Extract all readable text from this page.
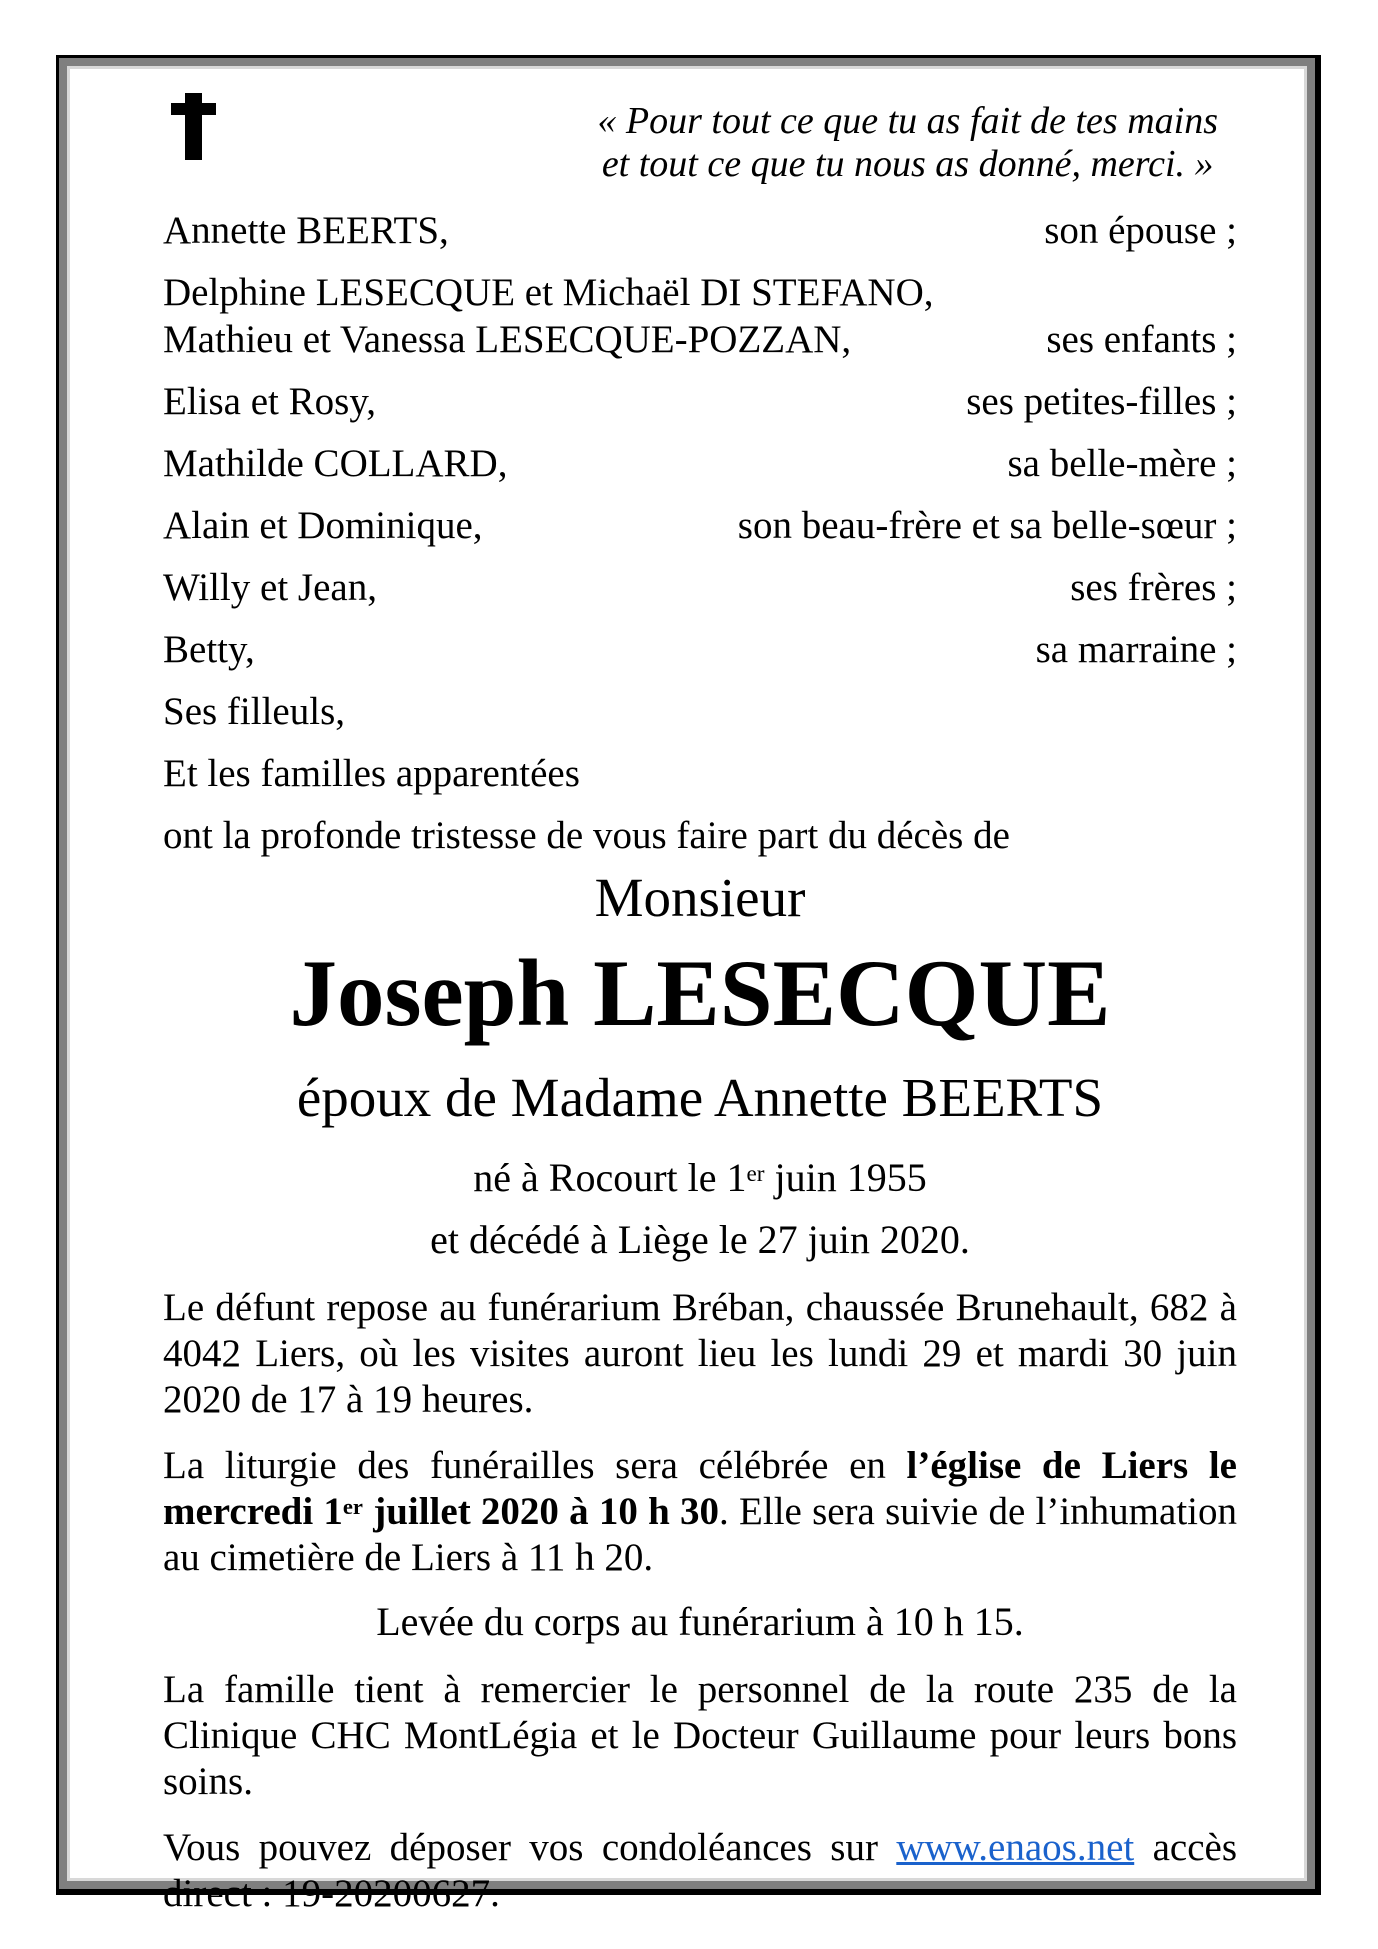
« Pour tout ce que tu as fait de tes mains
et tout ce que tu nous as donné, merci. »
Annette BEERTS,	son épouse ;
Delphine LESECQUE et Michaël DI STEFANO,
Mathieu et Vanessa LESECQUE-POZZAN,	ses enfants ;
Elisa et Rosy,	ses petites-filles ;
Mathilde COLLARD,	sa belle-mère ;
Alain et Dominique,	son beau-frère et sa belle-sœur ;
Willy et Jean,	ses frères ;
Betty,	sa marraine ;
Ses filleuls,
Et les familles apparentées
ont la profonde tristesse de vous faire part du décès de
Monsieur
Joseph LESECQUE
époux de Madame Annette BEERTS
né à Rocourt le 1er juin 1955
et décédé à Liège le 27 juin 2020.

Le défunt repose au funérarium Bréban, chaussée Brunehault, 682 à 4042 Liers, où les visites auront lieu les lundi 29 et mardi 30 juin 2020 de 17 à 19 heures.

La liturgie des funérailles sera célébrée en l’église de Liers le mercredi 1er juillet 2020 à 10 h 30. Elle sera suivie de l’inhumation au cimetière de Liers à 11 h 20.

Levée du corps au funérarium à 10 h 15.

La famille tient à remercier le personnel de la route 235 de la Clinique CHC MontLégia et le Docteur Guillaume pour leurs bons soins.

Vous pouvez déposer vos condoléances sur www.enaos.net accès direct : 19-20200627.
